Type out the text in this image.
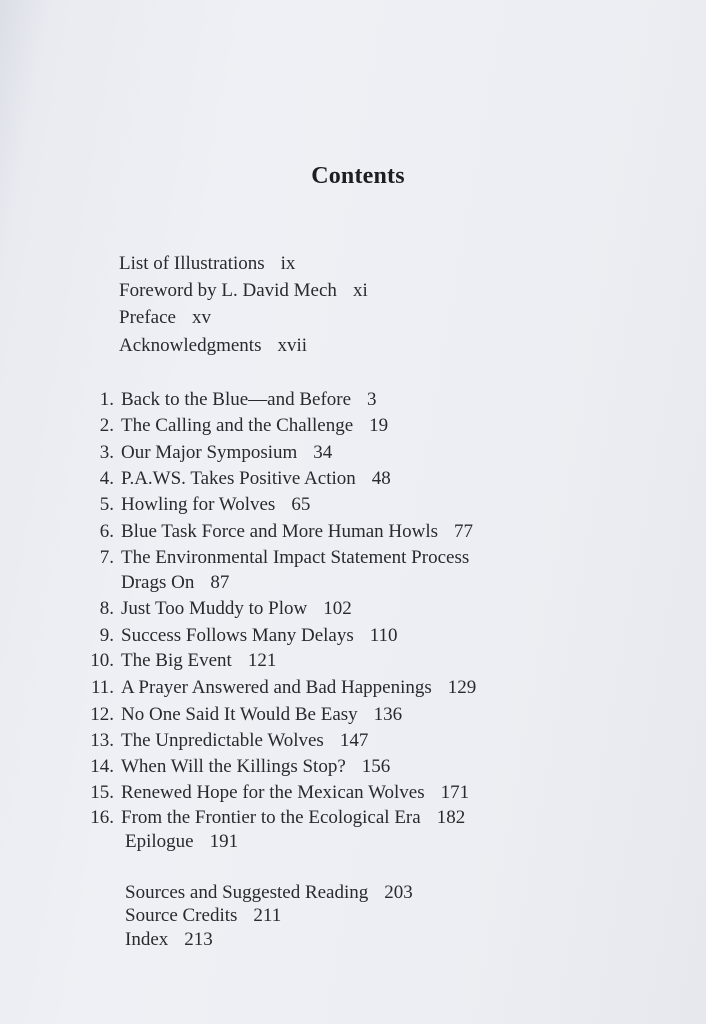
Contents
List of Illustrations ix
Foreword by L. David Mech xi
Preface xv
Acknowledgments xvii
1. Back to the Blue—and Before 3
2. The Calling and the Challenge 19
3. Our Major Symposium 34
4. P.A.WS. Takes Positive Action 48
5. Howling for Wolves 65
6. Blue Task Force and More Human Howls 77
7. The Environmental Impact Statement Process
Drags On 87
8. Just Too Muddy to Plow 102
9. Success Follows Many Delays 110
10. The Big Event 121
11. A Prayer Answered and Bad Happenings 129
12. No One Said It Would Be Easy 136
13. The Unpredictable Wolves 147
14. When Will the Killings Stop? 156
15. Renewed Hope for the Mexican Wolves 171
16. From the Frontier to the Ecological Era 182
Epilogue 191
Sources and Suggested Reading 203
Source Credits 211
Index 213
